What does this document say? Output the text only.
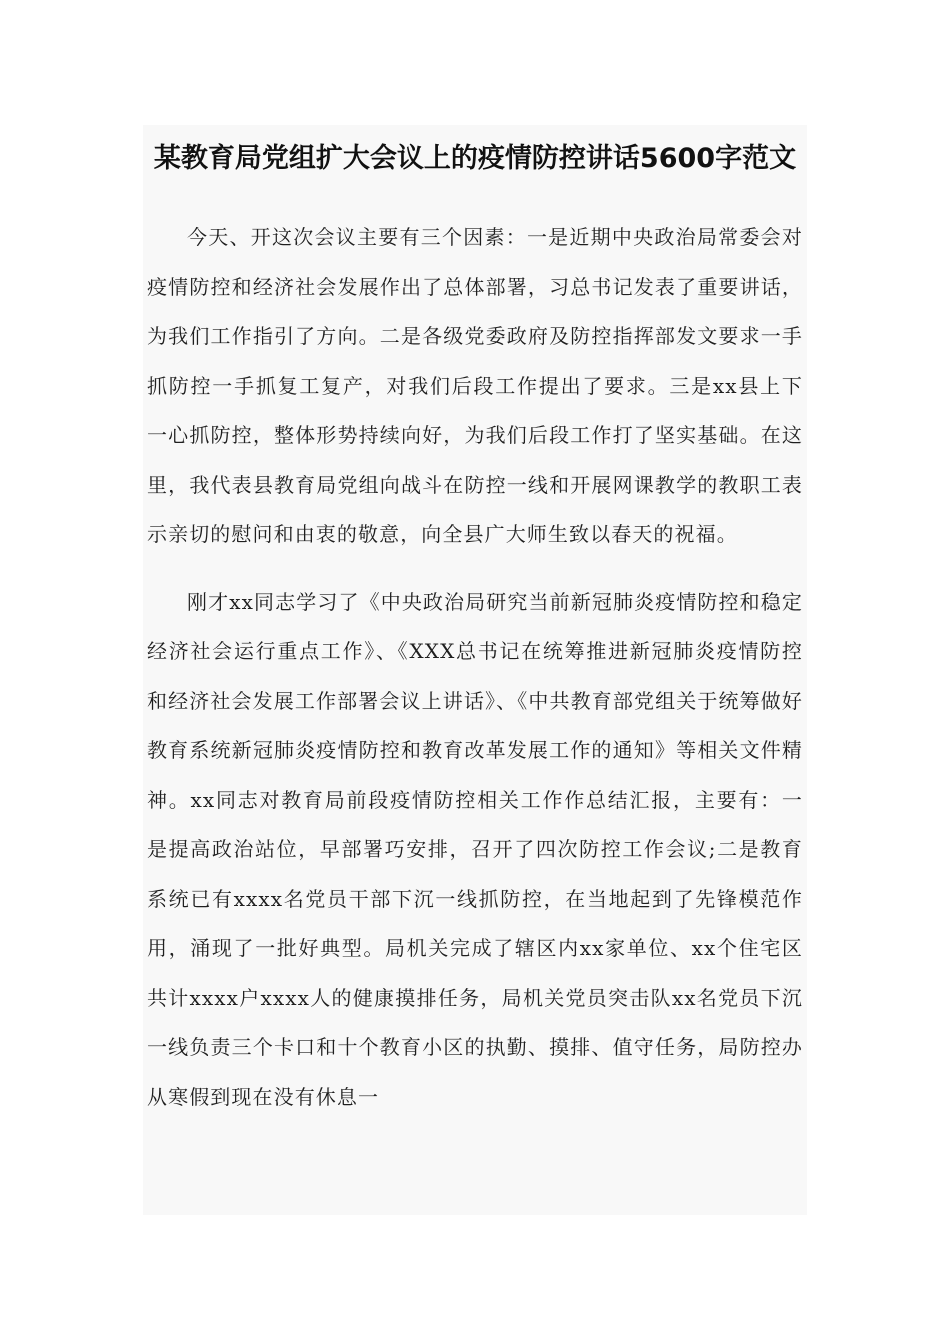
某教育局党组扩大会议上的疫情防控讲话5600字范文

今天、开这次会议主要有三个因素：一是近期中央政治局常委会对疫情防控和经济社会发展作出了总体部署，习总书记发表了重要讲话，为我们工作指引了方向。二是各级党委政府及防控指挥部发文要求一手抓防控一手抓复工复产，对我们后段工作提出了要求。三是xx县上下一心抓防控，整体形势持续向好，为我们后段工作打了坚实基础。在这里，我代表县教育局党组向战斗在防控一线和开展网课教学的教职工表示亲切的慰问和由衷的敬意，向全县广大师生致以春天的祝福。

刚才xx同志学习了《中央政治局研究当前新冠肺炎疫情防控和稳定经济社会运行重点工作》、《XXX总书记在统筹推进新冠肺炎疫情防控和经济社会发展工作部署会议上讲话》、《中共教育部党组关于统筹做好教育系统新冠肺炎疫情防控和教育改革发展工作的通知》等相关文件精神。xx同志对教育局前段疫情防控相关工作作总结汇报，主要有：一是提高政治站位，早部署巧安排，召开了四次防控工作会议;二是教育系统已有xxxx名党员干部下沉一线抓防控，在当地起到了先锋模范作用，涌现了一批好典型。局机关完成了辖区内xx家单位、xx个住宅区共计xxxx户xxxx人的健康摸排任务，局机关党员突击队xx名党员下沉一线负责三个卡口和十个教育小区的执勤、摸排、值守任务，局防控办从寒假到现在没有休息一
